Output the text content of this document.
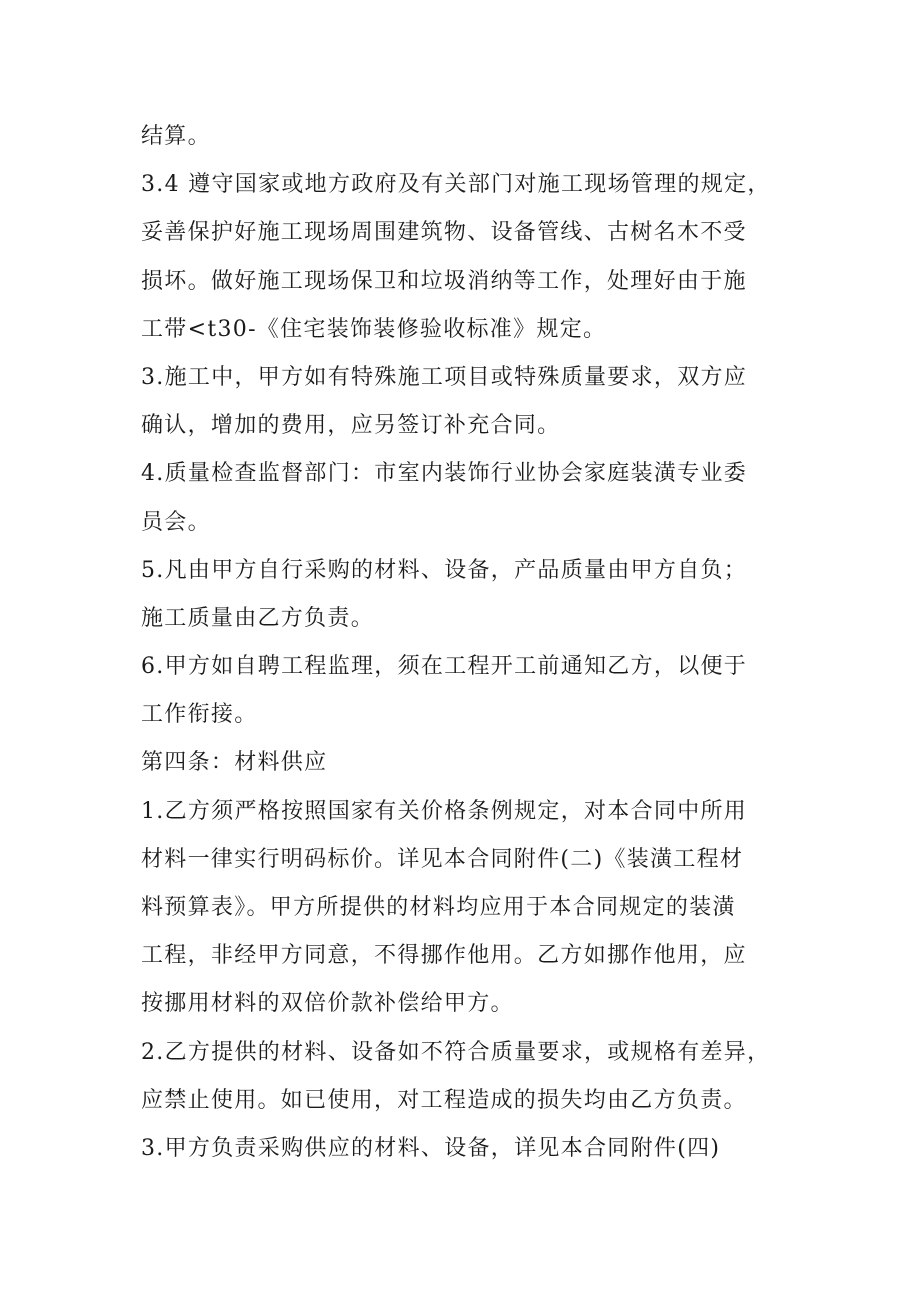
结算。
3.4 遵守国家或地方政府及有关部门对施工现场管理的规定，
妥善保护好施工现场周围建筑物、设备管线、古树名木不受
损坏。做好施工现场保卫和垃圾消纳等工作，处理好由于施
工带<t30-《住宅装饰装修验收标准》规定。
3.施工中，甲方如有特殊施工项目或特殊质量要求，双方应
确认，增加的费用，应另签订补充合同。
4.质量检查监督部门：市室内装饰行业协会家庭装潢专业委
员会。
5.凡由甲方自行采购的材料、设备，产品质量由甲方自负；
施工质量由乙方负责。
6.甲方如自聘工程监理，须在工程开工前通知乙方，以便于
工作衔接。
第四条：材料供应
1.乙方须严格按照国家有关价格条例规定，对本合同中所用
材料一律实行明码标价。详见本合同附件(二)《装潢工程材
料预算表》。甲方所提供的材料均应用于本合同规定的装潢
工程，非经甲方同意，不得挪作他用。乙方如挪作他用，应
按挪用材料的双倍价款补偿给甲方。
2.乙方提供的材料、设备如不符合质量要求，或规格有差异，
应禁止使用。如已使用，对工程造成的损失均由乙方负责。
3.甲方负责采购供应的材料、设备，详见本合同附件(四)
